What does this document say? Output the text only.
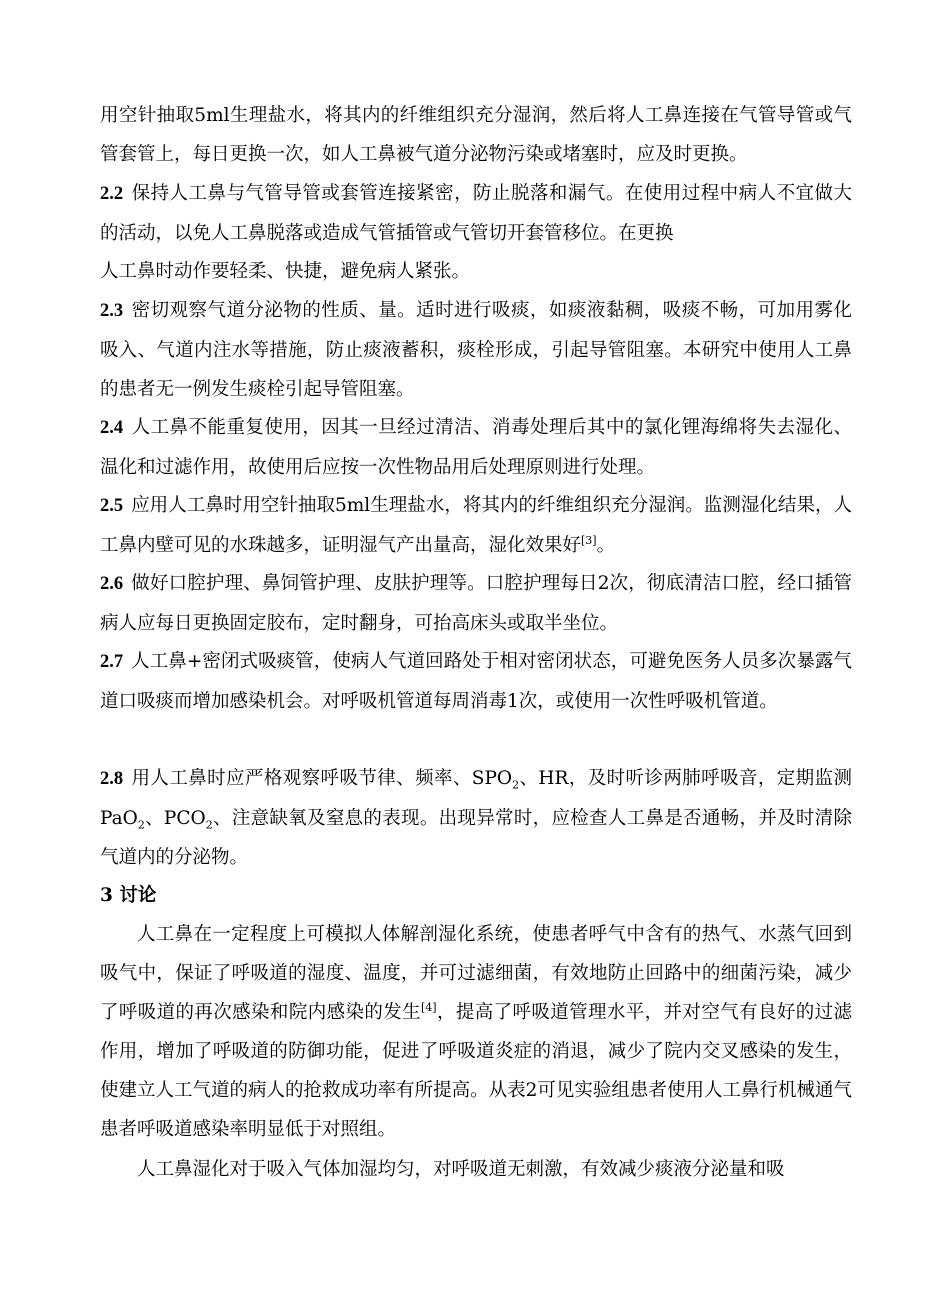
用空针抽取5ml生理盐水，将其内的纤维组织充分湿润，然后将人工鼻连接在气管导管或气管套管上，每日更换一次，如人工鼻被气道分泌物污染或堵塞时，应及时更换。

2.2 保持人工鼻与气管导管或套管连接紧密，防止脱落和漏气。在使用过程中病人不宜做大的活动，以免人工鼻脱落或造成气管插管或气管切开套管移位。在更换

人工鼻时动作要轻柔、快捷，避免病人紧张。

2.3 密切观察气道分泌物的性质、量。适时进行吸痰，如痰液黏稠，吸痰不畅，可加用雾化吸入、气道内注水等措施，防止痰液蓄积，痰栓形成，引起导管阻塞。本研究中使用人工鼻的患者无一例发生痰栓引起导管阻塞。

2.4 人工鼻不能重复使用，因其一旦经过清洁、消毒处理后其中的氯化锂海绵将失去湿化、温化和过滤作用，故使用后应按一次性物品用后处理原则进行处理。

2.5 应用人工鼻时用空针抽取5ml生理盐水，将其内的纤维组织充分湿润。监测湿化结果，人工鼻内壁可见的水珠越多，证明湿气产出量高，湿化效果好[3]。

2.6 做好口腔护理、鼻饲管护理、皮肤护理等。口腔护理每日2次，彻底清洁口腔，经口插管病人应每日更换固定胶布，定时翻身，可抬高床头或取半坐位。

2.7 人工鼻+密闭式吸痰管，使病人气道回路处于相对密闭状态，可避免医务人员多次暴露气道口吸痰而增加感染机会。对呼吸机管道每周消毒1次，或使用一次性呼吸机管道。

2.8 用人工鼻时应严格观察呼吸节律、频率、$SPO_2$、HR，及时听诊两肺呼吸音，定期监测 PaO$_2$、$PCO_2$、注意缺氧及窒息的表现。出现异常时，应检查人工鼻是否通畅，并及时清除气道内的分泌物。

3 讨论

人工鼻在一定程度上可模拟人体解剖湿化系统，使患者呼气中含有的热气、水蒸气回到吸气中，保证了呼吸道的湿度、温度，并可过滤细菌，有效地防止回路中的细菌污染，减少了呼吸道的再次感染和院内感染的发生[4]，提高了呼吸道管理水平，并对空气有良好的过滤作用，增加了呼吸道的防御功能，促进了呼吸道炎症的消退，减少了院内交叉感染的发生，使建立人工气道的病人的抢救成功率有所提高。从表2可见实验组患者使用人工鼻行机械通气患者呼吸道感染率明显低于对照组。

人工鼻湿化对于吸入气体加湿均匀，对呼吸道无刺激，有效减少痰液分泌量和吸
